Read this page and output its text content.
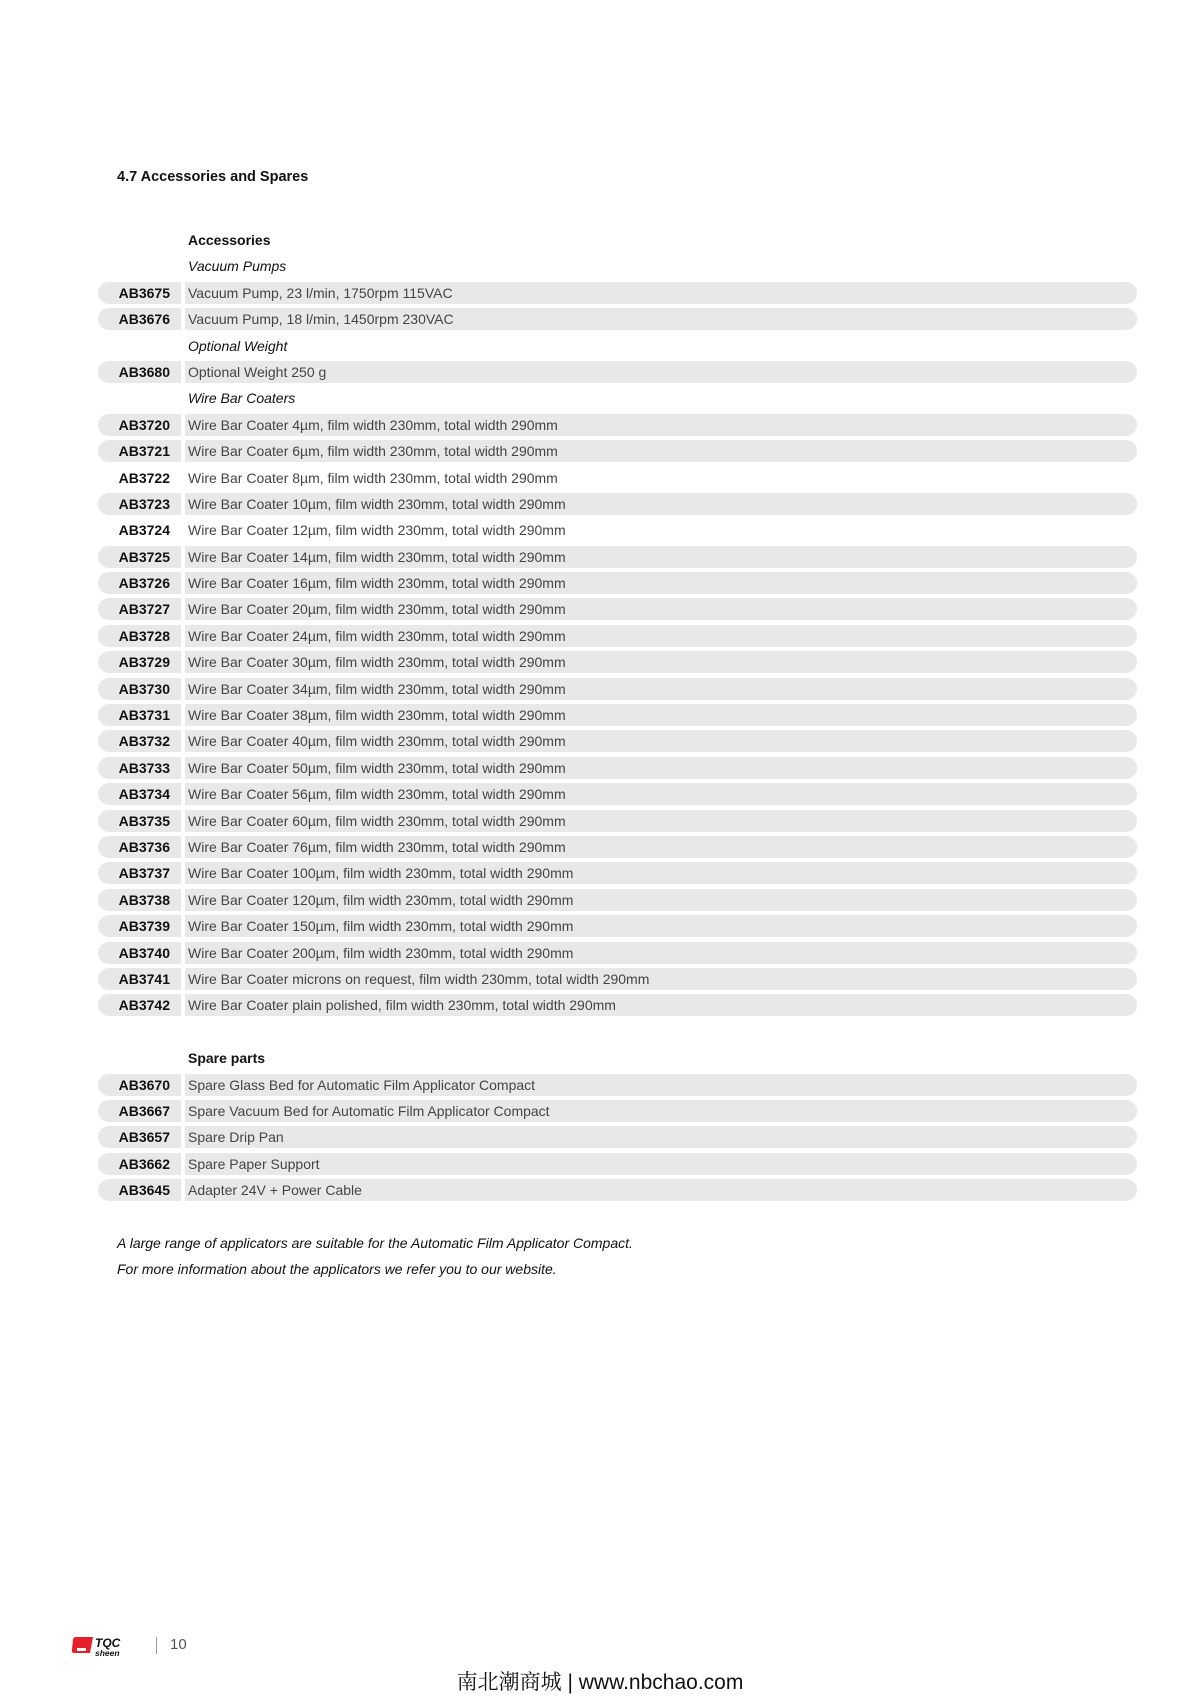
4.7 Accessories and Spares
Accessories
Vacuum Pumps
AB3675	Vacuum Pump, 23 l/min, 1750rpm 115VAC
AB3676	Vacuum Pump, 18 l/min, 1450rpm 230VAC
Optional Weight
AB3680	Optional Weight 250 g
Wire Bar Coaters
AB3720	Wire Bar Coater 4µm, film width 230mm, total width 290mm
AB3721	Wire Bar Coater 6µm, film width 230mm, total width 290mm
AB3722	Wire Bar Coater 8µm, film width 230mm, total width 290mm
AB3723	Wire Bar Coater 10µm, film width 230mm, total width 290mm
AB3724	Wire Bar Coater 12µm, film width 230mm, total width 290mm
AB3725	Wire Bar Coater 14µm, film width 230mm, total width 290mm
AB3726	Wire Bar Coater 16µm, film width 230mm, total width 290mm
AB3727	Wire Bar Coater 20µm, film width 230mm, total width 290mm
AB3728	Wire Bar Coater 24µm, film width 230mm, total width 290mm
AB3729	Wire Bar Coater 30µm, film width 230mm, total width 290mm
AB3730	Wire Bar Coater 34µm, film width 230mm, total width 290mm
AB3731	Wire Bar Coater 38µm, film width 230mm, total width 290mm
AB3732	Wire Bar Coater 40µm, film width 230mm, total width 290mm
AB3733	Wire Bar Coater 50µm, film width 230mm, total width 290mm
AB3734	Wire Bar Coater 56µm, film width 230mm, total width 290mm
AB3735	Wire Bar Coater 60µm, film width 230mm, total width 290mm
AB3736	Wire Bar Coater 76µm, film width 230mm, total width 290mm
AB3737	Wire Bar Coater 100µm, film width 230mm, total width 290mm
AB3738	Wire Bar Coater 120µm, film width 230mm, total width 290mm
AB3739	Wire Bar Coater 150µm, film width 230mm, total width 290mm
AB3740	Wire Bar Coater 200µm, film width 230mm, total width 290mm
AB3741	Wire Bar Coater microns on request, film width 230mm, total width 290mm
AB3742	Wire Bar Coater plain polished, film width 230mm, total width 290mm
Spare parts
AB3670	Spare Glass Bed for Automatic Film Applicator Compact
AB3667	Spare Vacuum Bed for Automatic Film Applicator Compact
AB3657	Spare Drip Pan
AB3662	Spare Paper Support
AB3645	Adapter 24V + Power Cable
A large range of applicators are suitable for the Automatic Film Applicator Compact.
For more information about the applicators we refer you to our website.
TQC
sheen	10
南北潮商城 | www.nbchao.com
